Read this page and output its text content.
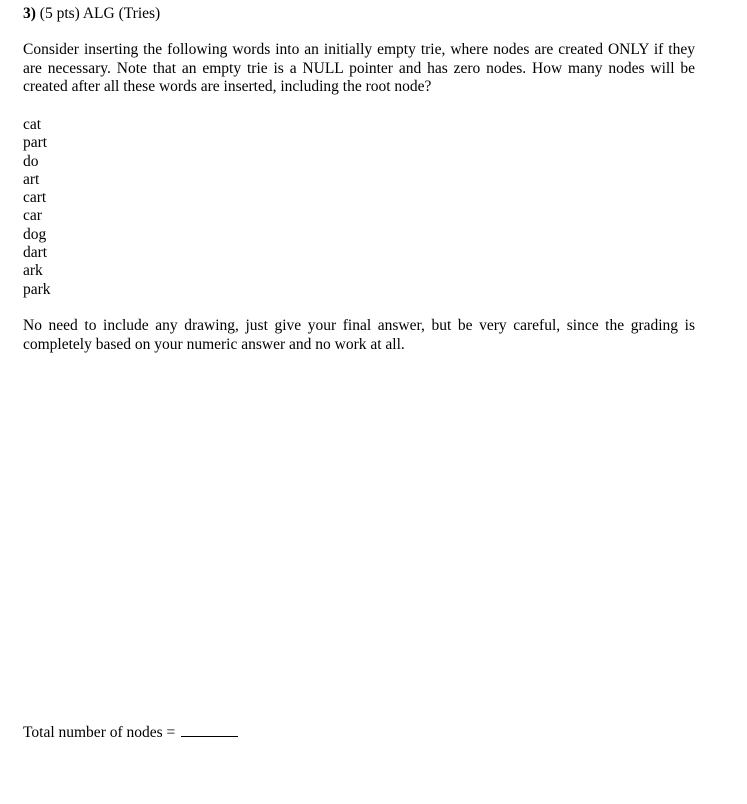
3) (5 pts) ALG (Tries)
Consider inserting the following words into an initially empty trie, where nodes are created ONLY if they are necessary. Note that an empty trie is a NULL pointer and has zero nodes. How many nodes will be created after all these words are inserted, including the root node?
cat
part
do
art
cart
car
dog
dart
ark
park
No need to include any drawing, just give your final answer, but be very careful, since the grading is completely based on your numeric answer and no work at all.
Total number of nodes =
